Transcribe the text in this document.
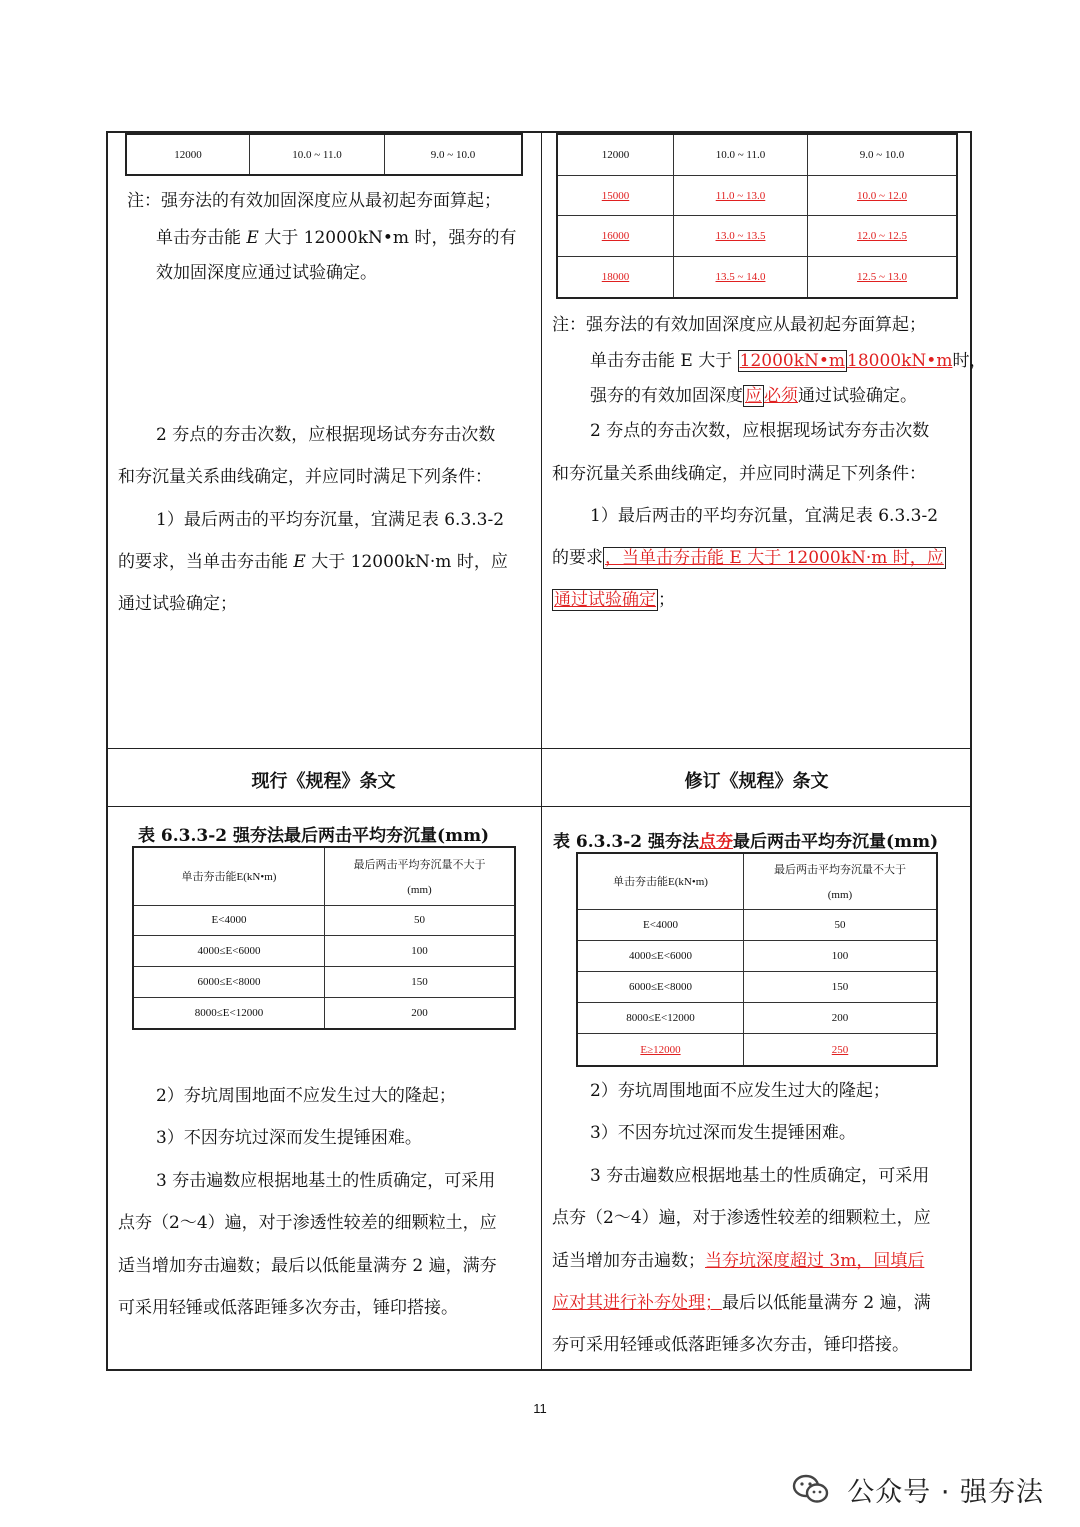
12000	10.0 ~ 11.0	9.0 ~ 10.0
注：强夯法的有效加固深度应从最初起夯面算起；
单击夯击能 E 大于 12000kN•m 时，强夯的有
效加固深度应通过试验确定。
2 夯点的夯击次数，应根据现场试夯夯击次数
和夯沉量关系曲线确定，并应同时满足下列条件：
1）最后两击的平均夯沉量，宜满足表 6.3.3-2
的要求，当单击夯击能 E 大于 12000kN·m 时，应
通过试验确定；
12000	10.0 ~ 11.0	9.0 ~ 10.0
15000	11.0 ~ 13.0	10.0 ~ 12.0
16000	13.0 ~ 13.5	12.0 ~ 12.5
18000	13.5 ~ 14.0	12.5 ~ 13.0
注：强夯法的有效加固深度应从最初起夯面算起；
单击夯击能 E 大于 12000kN•m 18000kN•m时，
强夯的有效加固深度 应 必须通过试验确定。
2 夯点的夯击次数，应根据现场试夯夯击次数
和夯沉量关系曲线确定，并应同时满足下列条件：
1）最后两击的平均夯沉量，宜满足表 6.3.3-2
的要求 ，当单击夯击能 E 大于 12000kN·m 时，应
通过试验确定 ；
现行《规程》条文	修订《规程》条文
表 6.3.3-2 强夯法最后两击平均夯沉量(mm)
单击夯击能E(kN•m)	最后两击平均夯沉量不大于
(mm)

E<4000	50
4000≤E<6000	100
6000≤E<8000	150
8000≤E<12000	200
2）夯坑周围地面不应发生过大的隆起；
3）不因夯坑过深而发生提锤困难。
3 夯击遍数应根据地基土的性质确定，可采用
点夯（2～4）遍，对于渗透性较差的细颗粒土，应
适当增加夯击遍数；最后以低能量满夯 2 遍，满夯
可采用轻锤或低落距锤多次夯击，锤印搭接。
表 6.3.3-2 强夯法点夯最后两击平均夯沉量(mm)
单击夯击能E(kN•m)	最后两击平均夯沉量不大于
(mm)

E<4000	50
4000≤E<6000	100
6000≤E<8000	150
8000≤E<12000	200
E≥12000	250
2）夯坑周围地面不应发生过大的隆起；
3）不因夯坑过深而发生提锤困难。
3 夯击遍数应根据地基土的性质确定，可采用
点夯（2～4）遍，对于渗透性较差的细颗粒土，应
适当增加夯击遍数；当夯坑深度超过 3m，回填后
应对其进行补夯处理；最后以低能量满夯 2 遍，满
夯可采用轻锤或低落距锤多次夯击，锤印搭接。
11
公众号 · 强夯法
